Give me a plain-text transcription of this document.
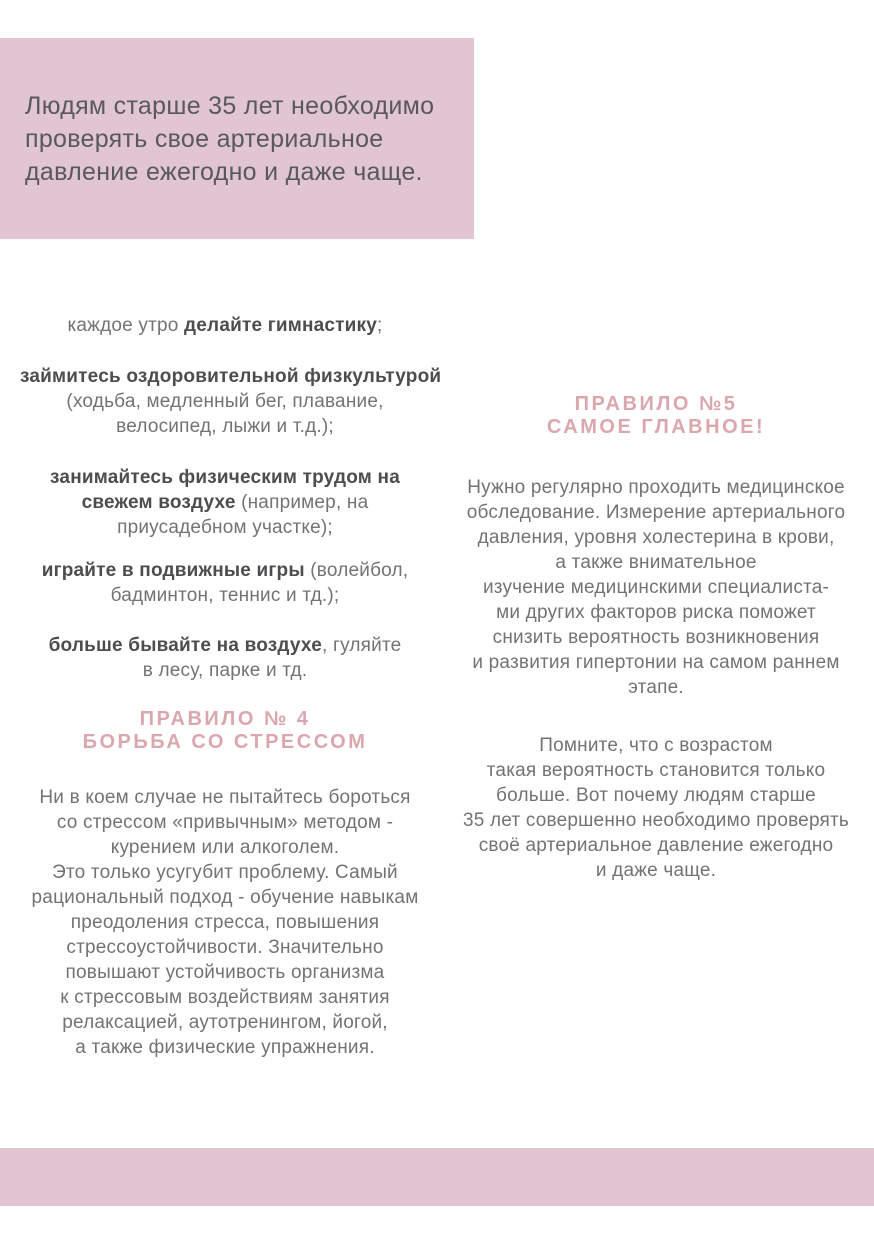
Людям старше 35 лет необходимо
проверять свое артериальное
давление ежегодно и даже чаще.
каждое утро делайте гимнастику;
займитесь оздоровительной физкультурой
(ходьба, медленный бег, плавание,
велосипед, лыжи и т.д.);
занимайтесь физическим трудом на
свежем воздухе (например, на
приусадебном участке);
играйте в подвижные игры (волейбол,
бадминтон, теннис и тд.);
больше бывайте на воздухе, гуляйте
в лесу, парке и тд.
ПРАВИЛО № 4
БОРЬБА СО СТРЕССОМ
Ни в коем случае не пытайтесь бороться
со стрессом «привычным» методом -
курением или алкоголем.
Это только усугубит проблему. Самый
рациональный подход - обучение навыкам
преодоления стресса, повышения
стрессоустойчивости. Значительно
повышают устойчивость организма
к стрессовым воздействиям занятия
релаксацией, аутотренингом, йогой,
а также физические упражнения.
ПРАВИЛО №5
САМОЕ ГЛАВНОЕ!
Нужно регулярно проходить медицинское
обследование. Измерение артериального
давления, уровня холестерина в крови,
а также внимательное
изучение медицинскими специалиста-
ми других факторов риска поможет
снизить вероятность возникновения
и развития гипертонии на самом раннем
этапе.
Помните, что с возрастом
такая вероятность становится только
больше. Вот почему людям старше
35 лет совершенно необходимо проверять
своё артериальное давление ежегодно
и даже чаще.
